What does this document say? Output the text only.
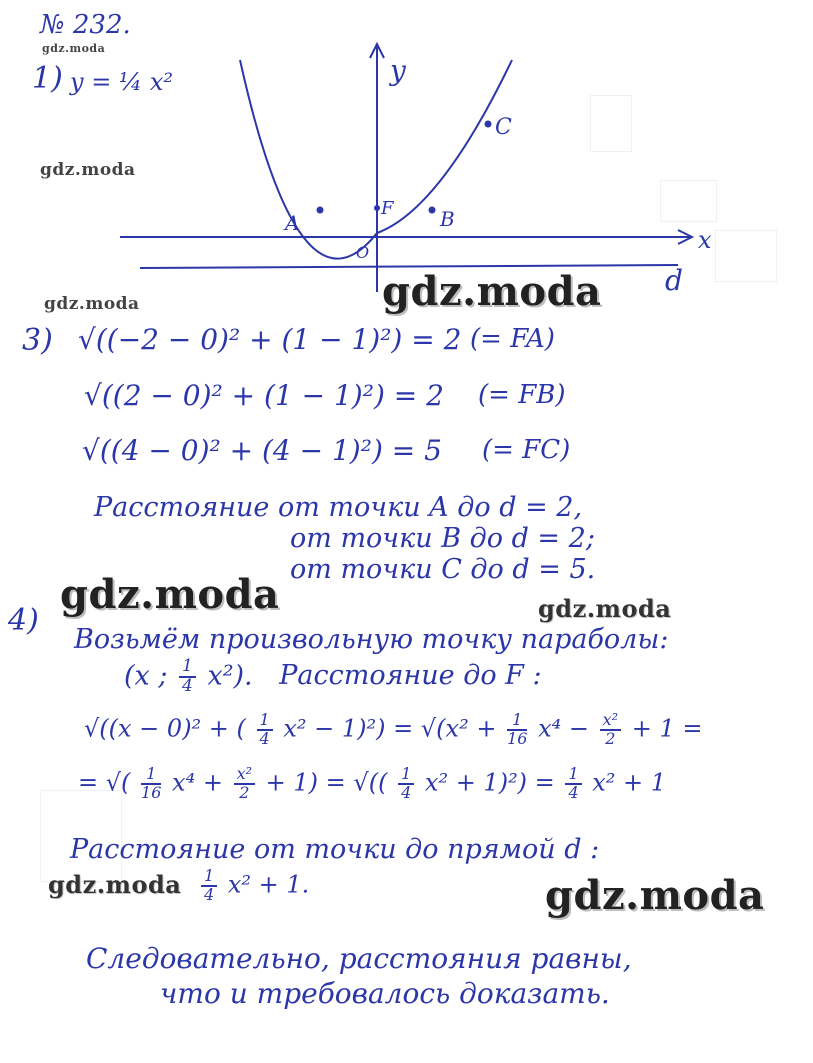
№ 232.
gdz.moda
1) y = ¼ x²
gdz.moda
gdz.moda
y
x
O
d
A	B
C
F
gdz.moda
3) √((−2 − 0)² + (1 − 1)²) = 2 (= FA)
√((2 − 0)² + (1 − 1)²) = 2 (= FB)
√((4 − 0)² + (4 − 1)²) = 5 (= FC)
Расстояние от точки A до d = 2,
от точки B до d = 2;
от точки C до d = 5.
gdz.moda	gdz.moda
4)
Возьмём произвольную точку параболы:
(x ; $\frac{1}{4} x^2$). Расстояние до F :
√((x − 0)² + ( $\frac{1}{4} x^2 - 1)^2) = √(x^2 + \frac{1}{16} x^4 - \frac{\text{x²}}{2} + 1$ =
= √( $\frac{1}{16} x^4 + \frac{\text{x²}}{2} + 1$) = √(( $\frac{1}{4} x^2 + 1)^2) = \frac{1}{4} x^2 + 1$
Расстояние от точки до прямой d :
gdz.moda $\frac{1}{4} x^2 + 1$.	gdz.moda
Следовательно, расстояния равны,
что и требовалось доказать.
